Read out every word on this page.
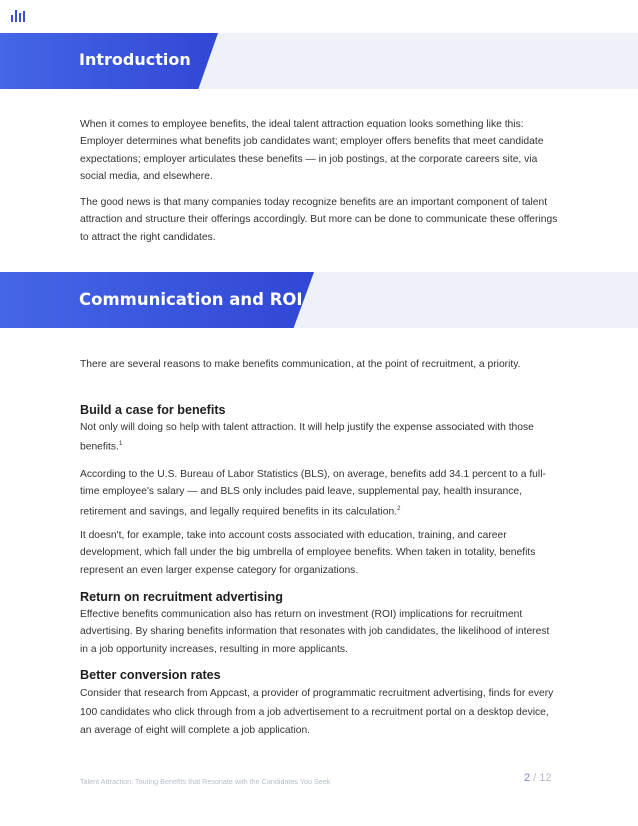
Introduction

When it comes to employee benefits, the ideal talent attraction equation looks something like this: Employer determines what benefits job candidates want; employer offers benefits that meet candidate expectations; employer articulates these benefits — in job postings, at the corporate careers site, via social media, and elsewhere.

The good news is that many companies today recognize benefits are an important component of talent attraction and structure their offerings accordingly. But more can be done to communicate these offerings to attract the right candidates.

Communication and ROI

There are several reasons to make benefits communication, at the point of recruitment, a priority.

Build a case for benefits

Not only will doing so help with talent attraction. It will help justify the expense associated with those benefits.$^1$

According to the U.S. Bureau of Labor Statistics (BLS), on average, benefits add 34.1 percent to a full-time employee's salary — and BLS only includes paid leave, supplemental pay, health insurance, retirement and savings, and legally required benefits in its calculation.$^2$

It doesn't, for example, take into account costs associated with education, training, and career development, which fall under the big umbrella of employee benefits. When taken in totality, benefits represent an even larger expense category for organizations.

Return on recruitment advertising

Effective benefits communication also has return on investment (ROI) implications for recruitment advertising. By sharing benefits information that resonates with job candidates, the likelihood of interest in a job opportunity increases, resulting in more applicants.

Better conversion rates

Consider that research from Appcast, a provider of programmatic recruitment advertising, finds for every 100 candidates who click through from a job advertisement to a recruitment portal on a desktop device, an average of eight will complete a job application.

Talent Attraction: Touting Benefits that Resonate with the Candidates You Seek	2 / 12
